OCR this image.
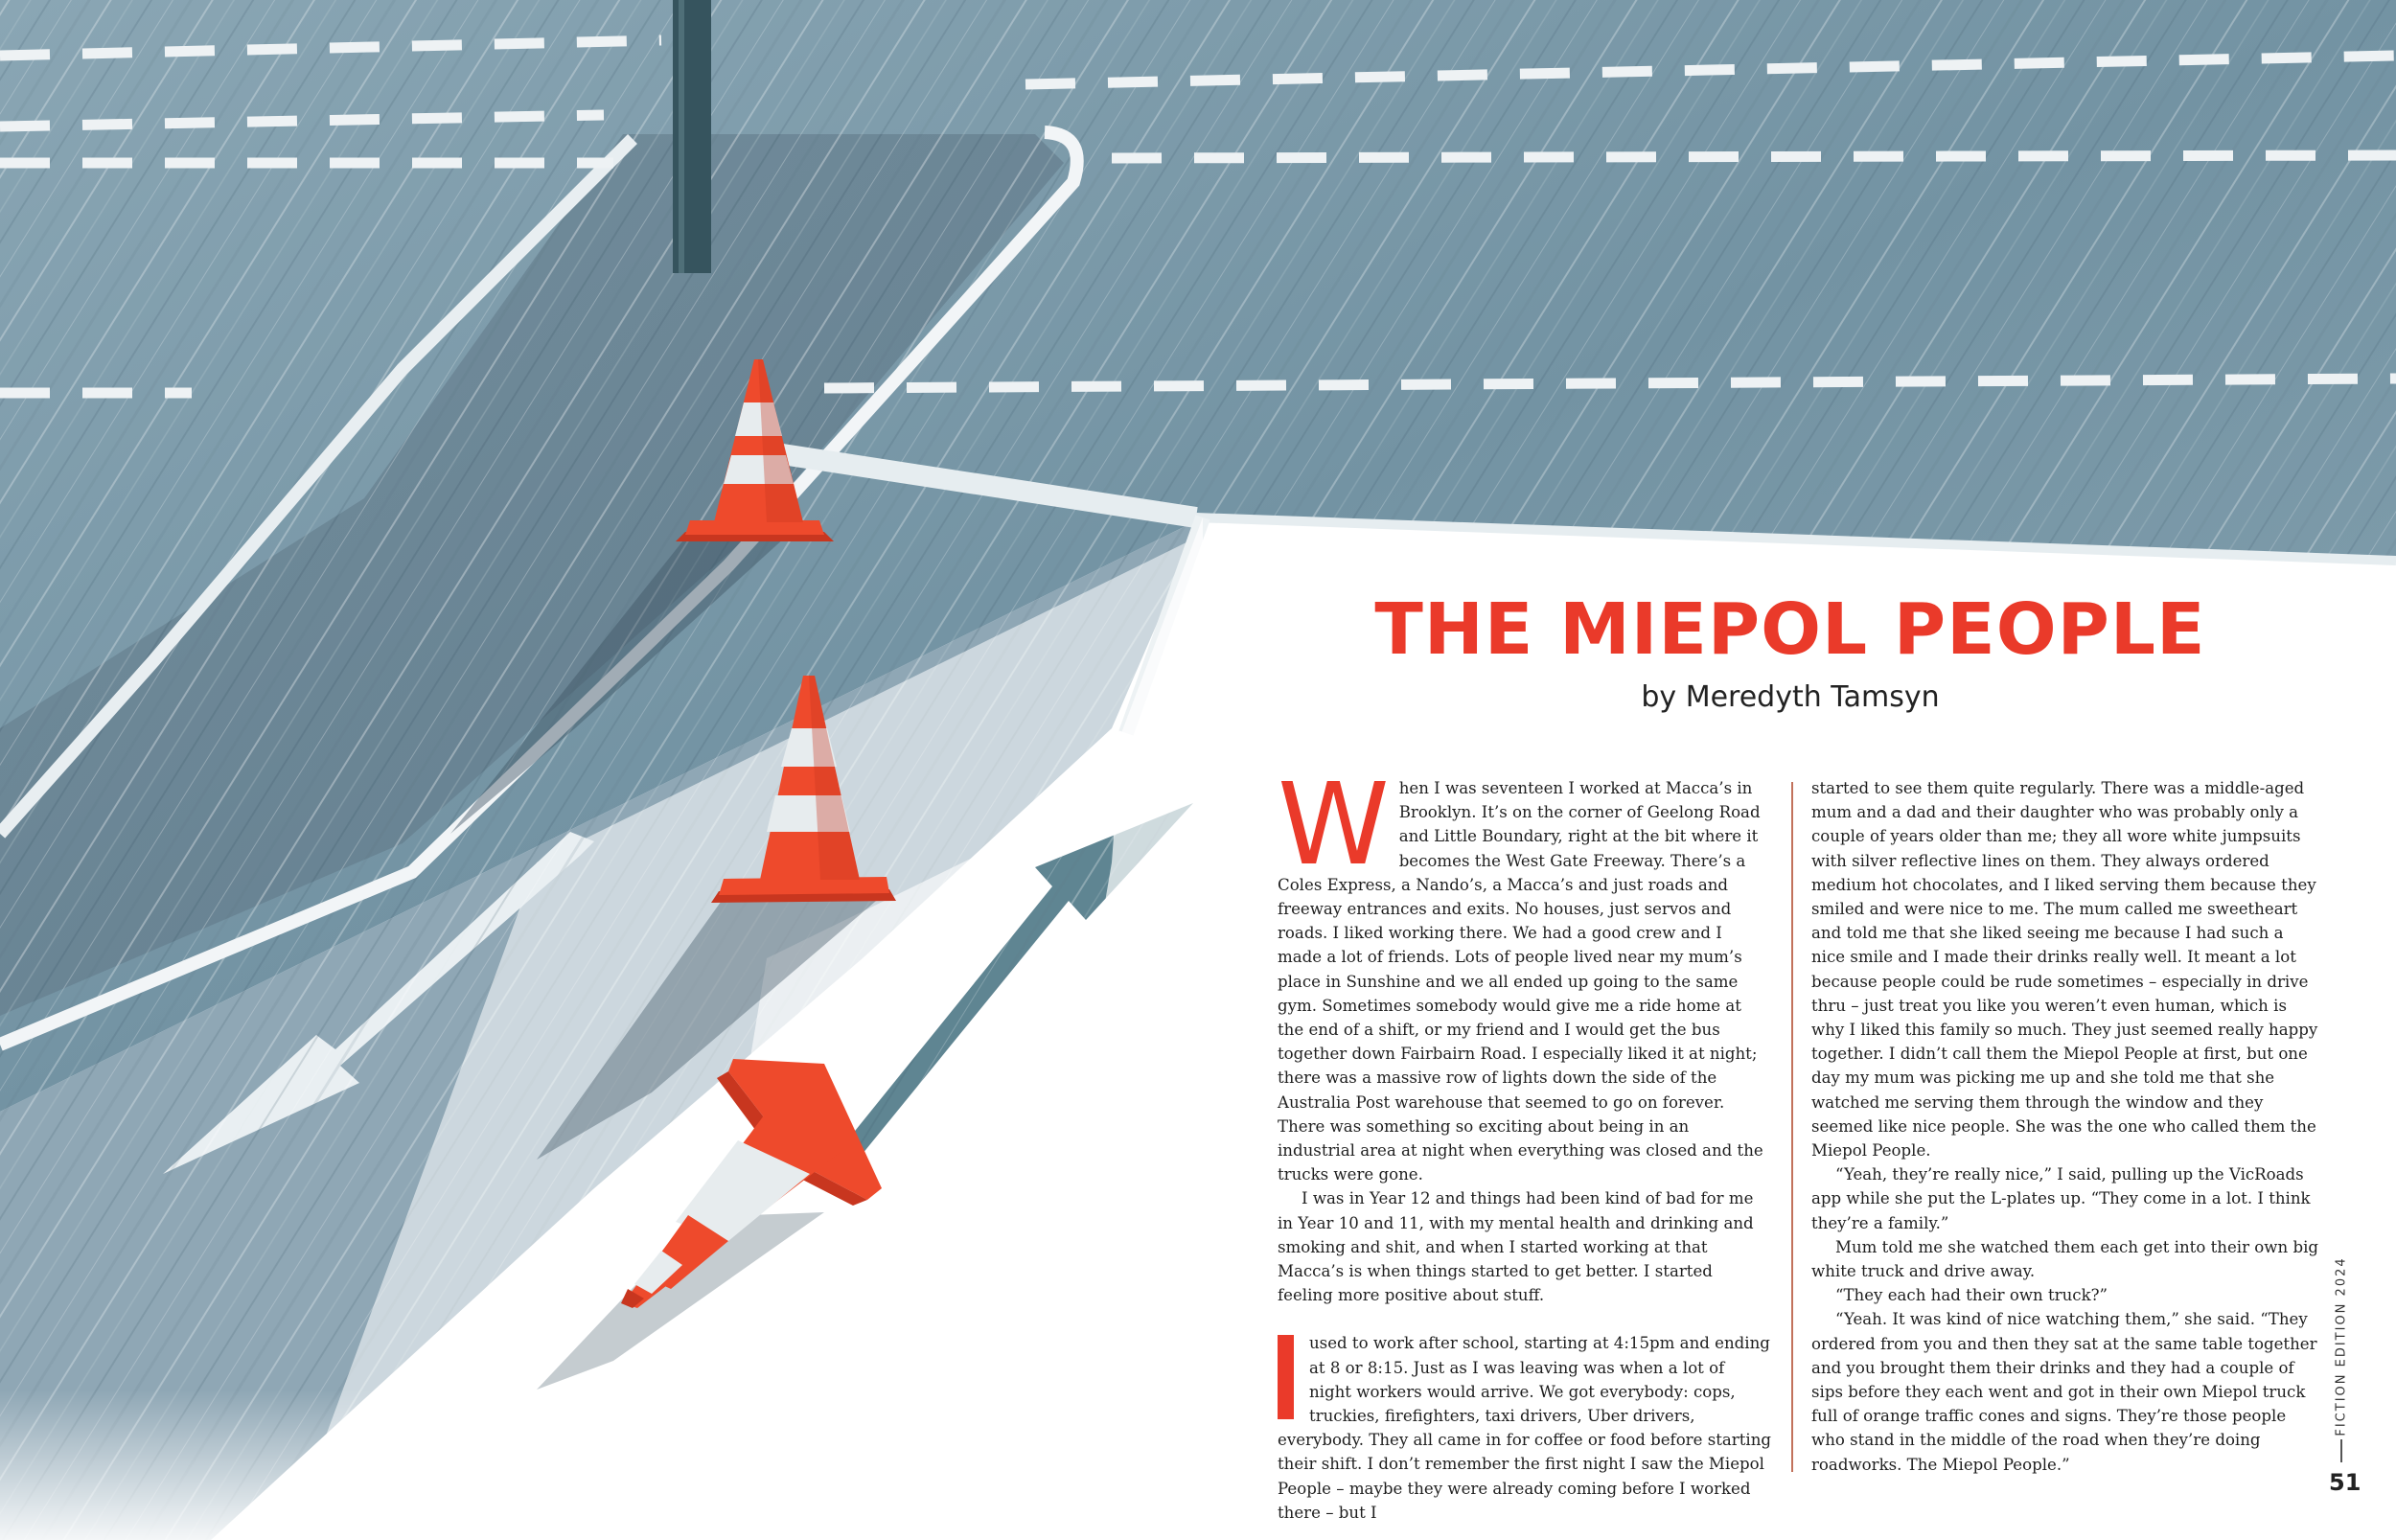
THE MIEPOL PEOPLE
by Meredyth Tamsyn

When I was seventeen I worked at Macca’s in Brooklyn. It’s on the corner of Geelong Road and Little Boundary, right at the bit where it becomes the West Gate Freeway. There’s a Coles Express, a Nando’s, a Macca’s and just roads and freeway entrances and exits. No houses, just servos and roads. I liked working there. We had a good crew and I made a lot of friends. Lots of people lived near my mum’s place in Sunshine and we all ended up going to the same gym. Sometimes somebody would give me a ride home at the end of a shift, or my friend and I would get the bus together down Fairbairn Road. I especially liked it at night; there was a massive row of lights down the side of the Australia Post warehouse that seemed to go on forever. There was something so exciting about being in an industrial area at night when everything was closed and the trucks were gone.

I was in Year 12 and things had been kind of bad for me in Year 10 and 11, with my mental health and drinking and smoking and shit, and when I started working at that Macca’s is when things started to get better. I started feeling more positive about stuff.

used to work after school, starting at 4:15pm and ending at 8 or 8:15. Just as I was leaving was when a lot of night workers would arrive. We got everybody: cops, truckies, firefighters, taxi drivers, Uber drivers, everybody. They all came in for coffee or food before starting their shift. I don’t remember the first night I saw the Miepol People – maybe they were already coming before I worked there – but I

started to see them quite regularly. There was a middle-aged mum and a dad and their daughter who was probably only a couple of years older than me; they all wore white jumpsuits with silver reflective lines on them. They always ordered medium hot chocolates, and I liked serving them because they smiled and were nice to me. The mum called me sweetheart and told me that she liked seeing me because I had such a nice smile and I made their drinks really well. It meant a lot because people could be rude sometimes – especially in drive thru – just treat you like you weren’t even human, which is why I liked this family so much. They just seemed really happy together. I didn’t call them the Miepol People at first, but one day my mum was picking me up and she told me that she watched me serving them through the window and they seemed like nice people. She was the one who called them the Miepol People.

“Yeah, they’re really nice,” I said, pulling up the VicRoads app while she put the L-plates up. “They come in a lot. I think they’re a family.”

Mum told me she watched them each get into their own big white truck and drive away.

“They each had their own truck?”

“Yeah. It was kind of nice watching them,” she said. “They ordered from you and then they sat at the same table together and you brought them their drinks and they had a couple of sips before they each went and got in their own Miepol truck full of orange traffic cones and signs. They’re those people who stand in the middle of the road when they’re doing roadworks. The Miepol People.”

FICTION EDITION 2024
51
